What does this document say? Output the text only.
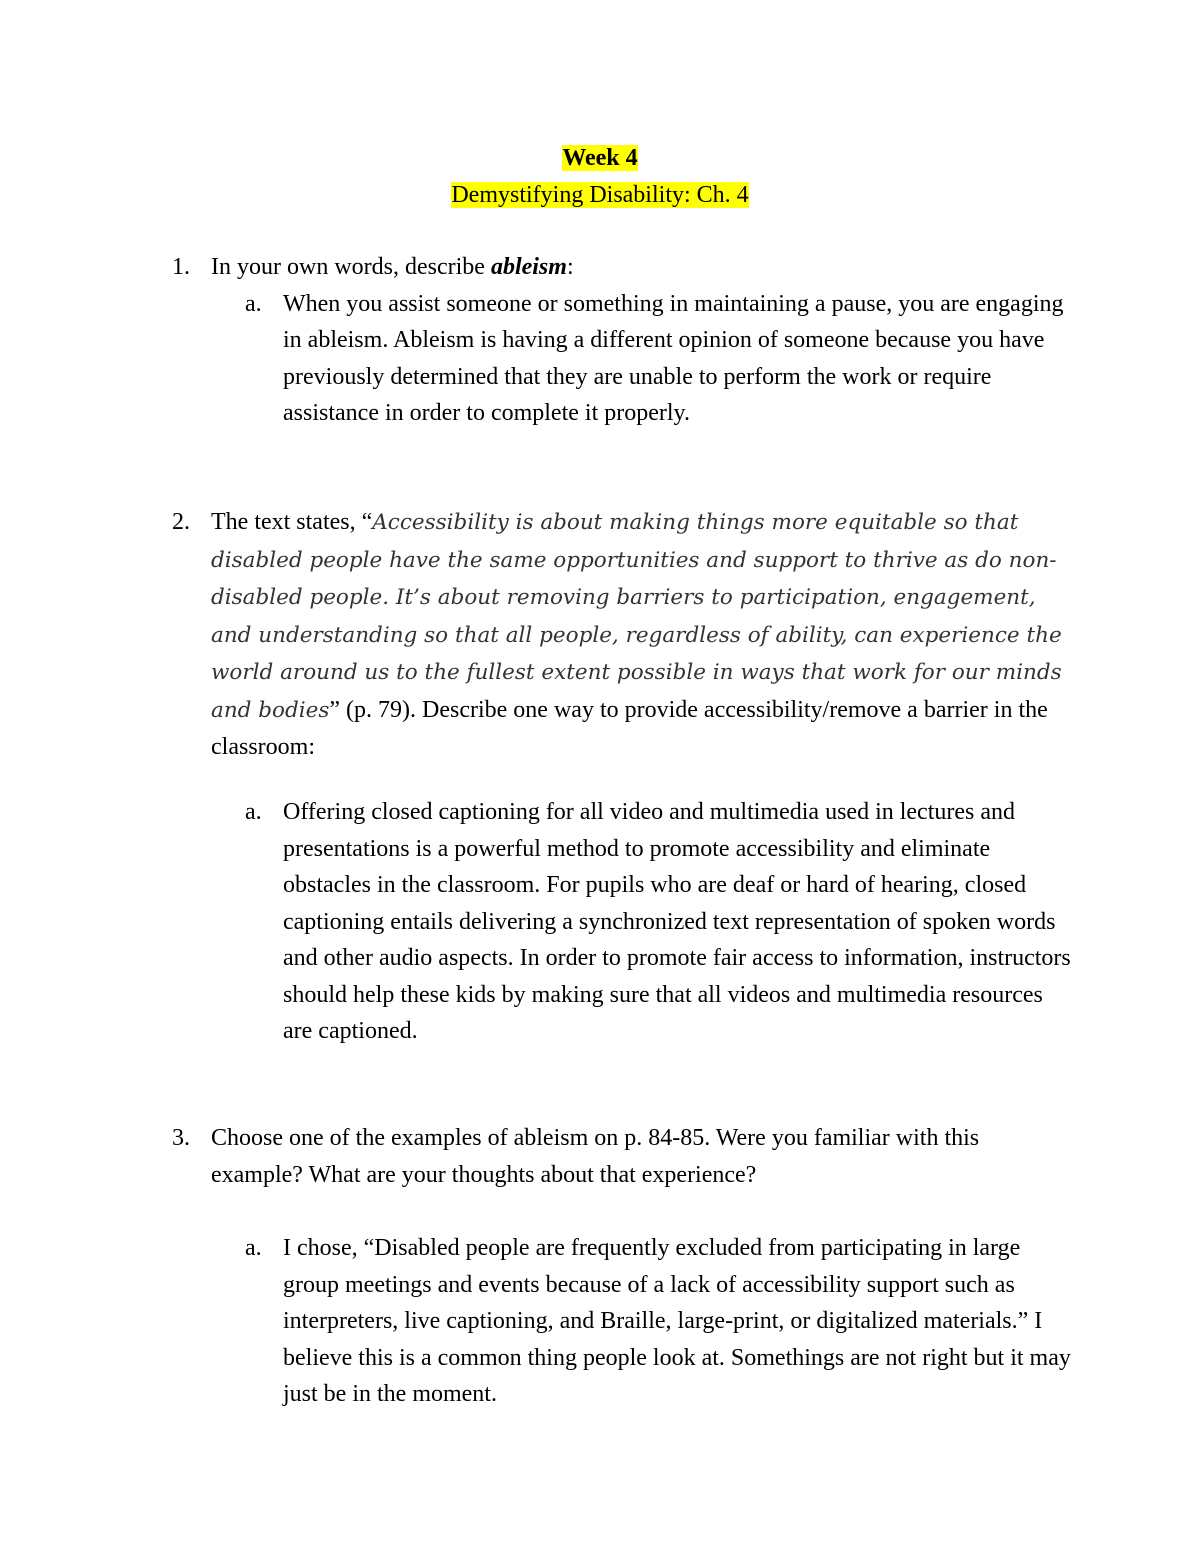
Week 4
Demystifying Disability: Ch. 4
1. In your own words, describe ableism:
a. When you assist someone or something in maintaining a pause, you are engaging in ableism. Ableism is having a different opinion of someone because you have previously determined that they are unable to perform the work or require assistance in order to complete it properly.
2. The text states, “Accessibility is about making things more equitable so that disabled people have the same opportunities and support to thrive as do non-disabled people. It’s about removing barriers to participation, engagement, and understanding so that all people, regardless of ability, can experience the world around us to the fullest extent possible in ways that work for our minds and bodies” (p. 79). Describe one way to provide accessibility/remove a barrier in the classroom:
a. Offering closed captioning for all video and multimedia used in lectures and presentations is a powerful method to promote accessibility and eliminate obstacles in the classroom. For pupils who are deaf or hard of hearing, closed captioning entails delivering a synchronized text representation of spoken words and other audio aspects. In order to promote fair access to information, instructors should help these kids by making sure that all videos and multimedia resources are captioned.
3. Choose one of the examples of ableism on p. 84-85. Were you familiar with this example? What are your thoughts about that experience?
a. I chose, “Disabled people are frequently excluded from participating in large group meetings and events because of a lack of accessibility support such as interpreters, live captioning, and Braille, large-print, or digitalized materials.” I believe this is a common thing people look at. Somethings are not right but it may just be in the moment.
